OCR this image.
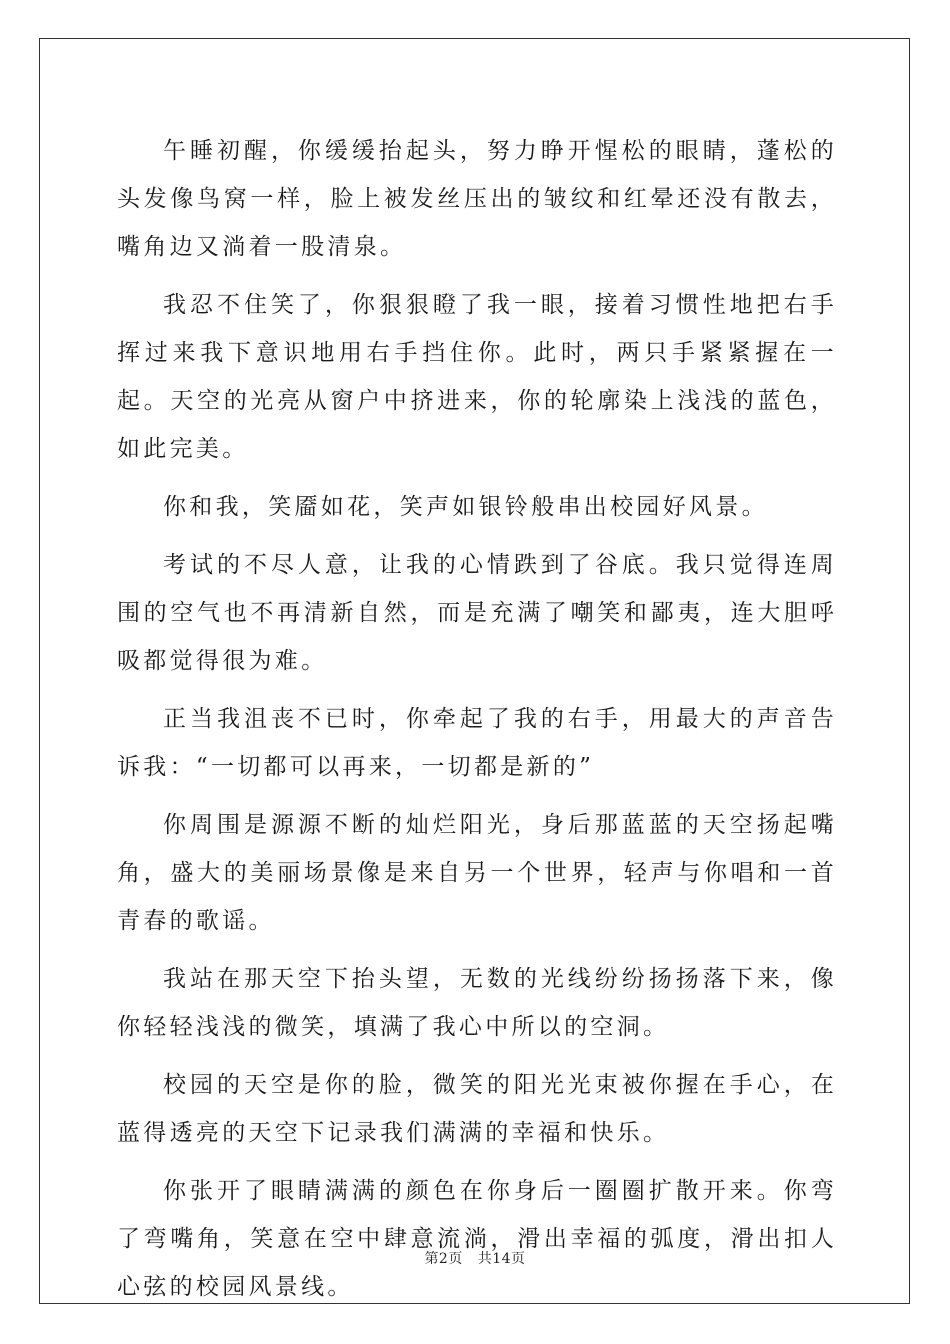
午睡初醒，你缓缓抬起头，努力睁开惺松的眼睛，蓬松的头发像鸟窝一样，脸上被发丝压出的皱纹和红晕还没有散去，嘴角边又淌着一股清泉。

我忍不住笑了，你狠狠瞪了我一眼，接着习惯性地把右手挥过来我下意识地用右手挡住你。此时，两只手紧紧握在一起。天空的光亮从窗户中挤进来，你的轮廓染上浅浅的蓝色，如此完美。

你和我，笑靥如花，笑声如银铃般串出校园好风景。

考试的不尽人意，让我的心情跌到了谷底。我只觉得连周围的空气也不再清新自然，而是充满了嘲笑和鄙夷，连大胆呼吸都觉得很为难。

正当我沮丧不已时，你牵起了我的右手，用最大的声音告诉我：“一切都可以再来，一切都是新的”

你周围是源源不断的灿烂阳光，身后那蓝蓝的天空扬起嘴角，盛大的美丽场景像是来自另一个世界，轻声与你唱和一首青春的歌谣。

我站在那天空下抬头望，无数的光线纷纷扬扬落下来，像你轻轻浅浅的微笑，填满了我心中所以的空洞。

校园的天空是你的脸，微笑的阳光光束被你握在手心，在蓝得透亮的天空下记录我们满满的幸福和快乐。

你张开了眼睛满满的颜色在你身后一圈圈扩散开来。你弯了弯嘴角，笑意在空中肆意流淌，滑出幸福的弧度，滑出扣人心弦的校园风景线。

第2页 共14页
